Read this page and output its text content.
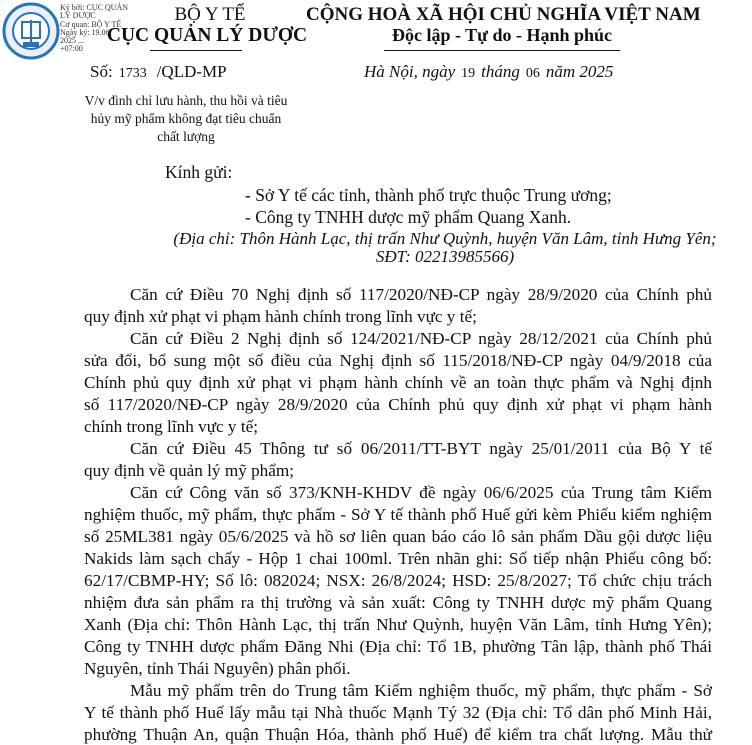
Ký bởi: CỤC QUẢN
LÝ DƯỢC
Cơ quan: BỘ Y TẾ
Ngày ký: 19.06.
2025 ...
+07:00
BỘ Y TẾ
CỤC QUẢN LÝ DƯỢC
CỘNG HOÀ XÃ HỘI CHỦ NGHĨA VIỆT NAM
Độc lập - Tự do - Hạnh phúc
Số: 1733 /QLD-MP	Hà Nội, ngày 19 tháng 06 năm 2025
V/v đình chỉ lưu hành, thu hồi và tiêu hủy mỹ phẩm không đạt tiêu chuẩn chất lượng
Kính gửi:
- Sở Y tế các tỉnh, thành phố trực thuộc Trung ương;
- Công ty TNHH dược mỹ phẩm Quang Xanh.
(Địa chỉ: Thôn Hành Lạc, thị trấn Như Quỳnh, huyện Văn Lâm, tỉnh Hưng Yên;
SĐT: 02213985566)
Căn cứ Điều 70 Nghị định số 117/2020/NĐ-CP ngày 28/9/2020 của Chính phủ
quy định xử phạt vi phạm hành chính trong lĩnh vực y tế;
Căn cứ Điều 2 Nghị định số 124/2021/NĐ-CP ngày 28/12/2021 của Chính phủ
sửa đổi, bổ sung một số điều của Nghị định số 115/2018/NĐ-CP ngày 04/9/2018 của
Chính phủ quy định xử phạt vi phạm hành chính về an toàn thực phẩm và Nghị định
số 117/2020/NĐ-CP ngày 28/9/2020 của Chính phủ quy định xử phạt vi phạm hành
chính trong lĩnh vực y tế;
Căn cứ Điều 45 Thông tư số 06/2011/TT-BYT ngày 25/01/2011 của Bộ Y tế
quy định về quản lý mỹ phẩm;
Căn cứ Công văn số 373/KNH-KHDV đề ngày 06/6/2025 của Trung tâm Kiểm
nghiệm thuốc, mỹ phẩm, thực phẩm - Sở Y tế thành phố Huế gửi kèm Phiếu kiểm nghiệm
số 25ML381 ngày 05/6/2025 và hồ sơ liên quan báo cáo lô sản phẩm Dầu gội dược liệu
Nakids làm sạch chấy - Hộp 1 chai 100ml. Trên nhãn ghi: Số tiếp nhận Phiếu công bố:
62/17/CBMP-HY; Số lô: 082024; NSX: 26/8/2024; HSD: 25/8/2027; Tổ chức chịu trách
nhiệm đưa sản phẩm ra thị trường và sản xuất: Công ty TNHH dược mỹ phẩm Quang
Xanh (Địa chỉ: Thôn Hành Lạc, thị trấn Như Quỳnh, huyện Văn Lâm, tỉnh Hưng Yên);
Công ty TNHH dược phẩm Đăng Nhi (Địa chỉ: Tổ 1B, phường Tân lập, thành phố Thái
Nguyên, tỉnh Thái Nguyên) phân phối.
Mẫu mỹ phẩm trên do Trung tâm Kiểm nghiệm thuốc, mỹ phẩm, thực phẩm - Sở
Y tế thành phố Huế lấy mẫu tại Nhà thuốc Mạnh Tý 32 (Địa chỉ: Tổ dân phố Minh Hải,
phường Thuận An, quận Thuận Hóa, thành phố Huế) để kiểm tra chất lượng. Mẫu thử
